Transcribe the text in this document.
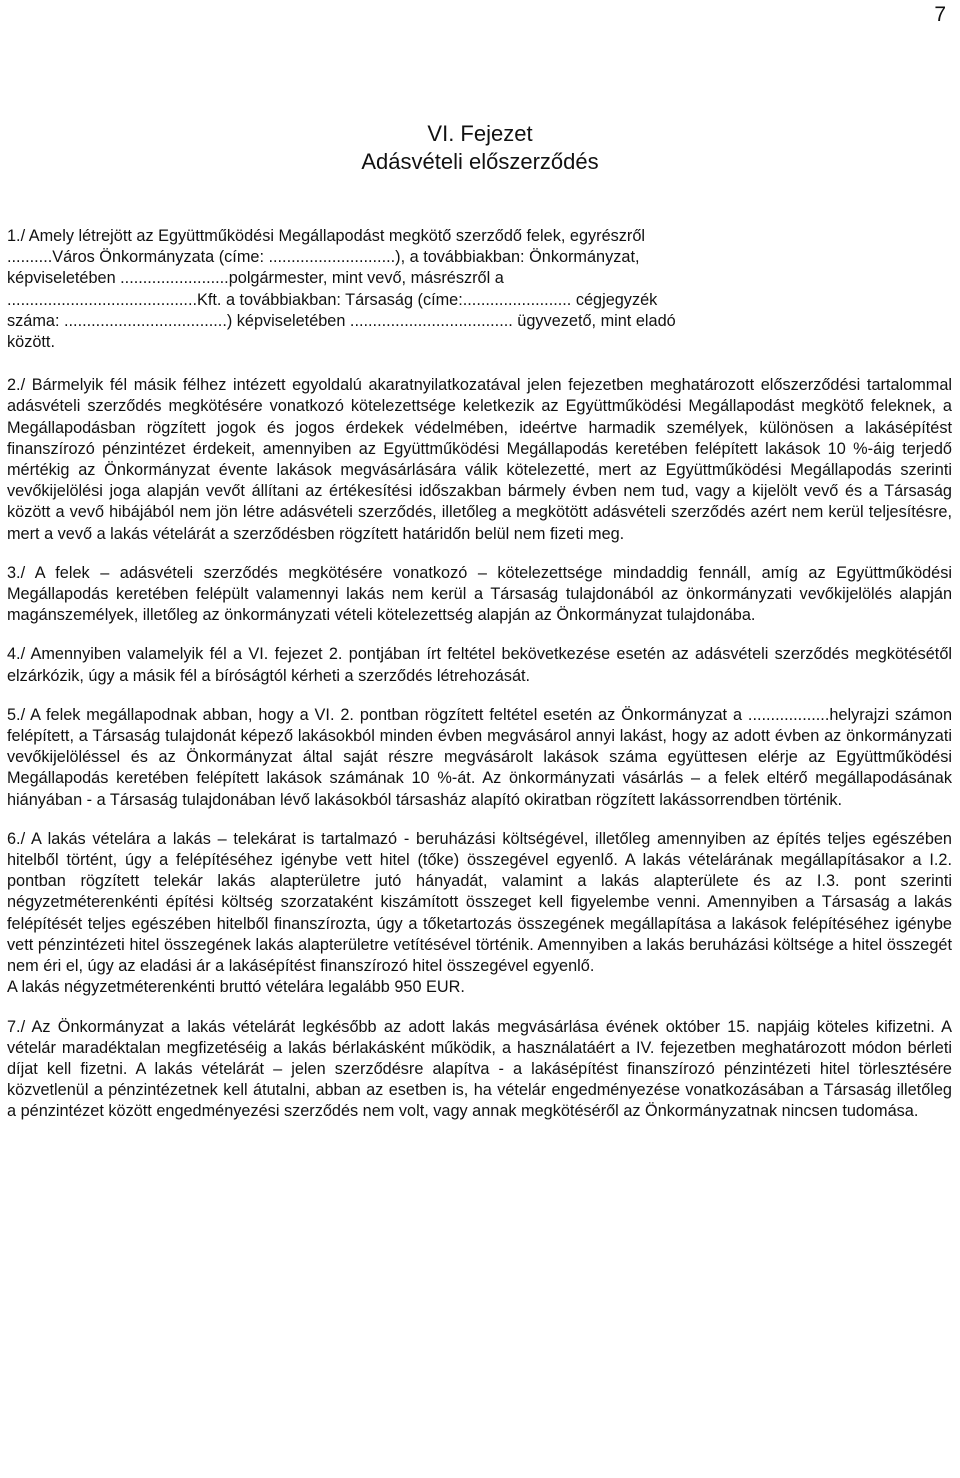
7
VI. Fejezet
Adásvételi előszerződés

1./ Amely létrejött az Együttműködési Megállapodást megkötő szerződő felek, egyrészről
..........Város Önkormányzata (címe: ............................), a továbbiakban: Önkormányzat,
képviseletében ........................polgármester, mint vevő, másrészről a
..........................................Kft. a továbbiakban: Társaság (címe:........................ cégjegyzék
száma: ....................................) képviseletében .................................... ügyvezető, mint eladó
között.

2./ Bármelyik fél másik félhez intézett egyoldalú akaratnyilatkozatával jelen fejezetben meghatározott előszerződési tartalommal adásvételi szerződés megkötésére vonatkozó kötelezettsége keletkezik az Együttműködési Megállapodást megkötő feleknek, a Megállapodásban rögzített jogok és jogos érdekek védelmében, ideértve harmadik személyek, különösen a lakásépítést finanszírozó pénzintézet érdekeit, amennyiben az Együttműködési Megállapodás keretében felépített lakások 10 %-áig terjedő mértékig az Önkormányzat évente lakások megvásárlására válik kötelezetté, mert az Együttműködési Megállapodás szerinti vevőkijelölési joga alapján vevőt állítani az értékesítési időszakban bármely évben nem tud, vagy a kijelölt vevő és a Társaság között a vevő hibájából nem jön létre adásvételi szerződés, illetőleg a megkötött adásvételi szerződés azért nem kerül teljesítésre, mert a vevő a lakás vételárát a szerződésben rögzített határidőn belül nem fizeti meg.

3./ A felek – adásvételi szerződés megkötésére vonatkozó – kötelezettsége mindaddig fennáll, amíg az Együttműködési Megállapodás keretében felépült valamennyi lakás nem kerül a Társaság tulajdonából az önkormányzati vevőkijelölés alapján magánszemélyek, illetőleg az önkormányzati vételi kötelezettség alapján az Önkormányzat tulajdonába.

4./ Amennyiben valamelyik fél a VI. fejezet 2. pontjában írt feltétel bekövetkezése esetén az adásvételi szerződés megkötésétől elzárkózik, úgy a másik fél a bíróságtól kérheti a szerződés létrehozását.

5./ A felek megállapodnak abban, hogy a VI. 2. pontban rögzített feltétel esetén az Önkormányzat a ..................helyrajzi számon felépített, a Társaság tulajdonát képező lakásokból minden évben megvásárol annyi lakást, hogy az adott évben az önkormányzati vevőkijelöléssel és az Önkormányzat által saját részre megvásárolt lakások száma együttesen elérje az Együttműködési Megállapodás keretében felépített lakások számának 10 %-át. Az önkormányzati vásárlás – a felek eltérő megállapodásának hiányában - a Társaság tulajdonában lévő lakásokból társasház alapító okiratban rögzített lakássorrendben történik.

6./ A lakás vételára a lakás – telekárat is tartalmazó - beruházási költségével, illetőleg amennyiben az építés teljes egészében hitelből történt, úgy a felépítéséhez igénybe vett hitel (tőke) összegével egyenlő. A lakás vételárának megállapításakor a I.2. pontban rögzített telekár lakás alapterületre jutó hányadát, valamint a lakás alapterülete és az I.3. pont szerinti négyzetméterenkénti építési költség szorzataként kiszámított összeget kell figyelembe venni. Amennyiben a Társaság a lakás felépítését teljes egészében hitelből finanszírozta, úgy a tőketartozás összegének megállapítása a lakások felépítéséhez igénybe vett pénzintézeti hitel összegének lakás alapterületre vetítésével történik. Amennyiben a lakás beruházási költsége a hitel összegét nem éri el, úgy az eladási ár a lakásépítést finanszírozó hitel összegével egyenlő.
A lakás négyzetméterenkénti bruttó vételára legalább 950 EUR.

7./ Az Önkormányzat a lakás vételárát legkésőbb az adott lakás megvásárlása évének október 15. napjáig köteles kifizetni. A vételár maradéktalan megfizetéséig a lakás bérlakásként működik, a használatáért a IV. fejezetben meghatározott módon bérleti díjat kell fizetni. A lakás vételárát – jelen szerződésre alapítva - a lakásépítést finanszírozó pénzintézeti hitel törlesztésére közvetlenül a pénzintézetnek kell átutalni, abban az esetben is, ha vételár engedményezése vonatkozásában a Társaság illetőleg a pénzintézet között engedményezési szerződés nem volt, vagy annak megkötéséről az Önkormányzatnak nincsen tudomása.
